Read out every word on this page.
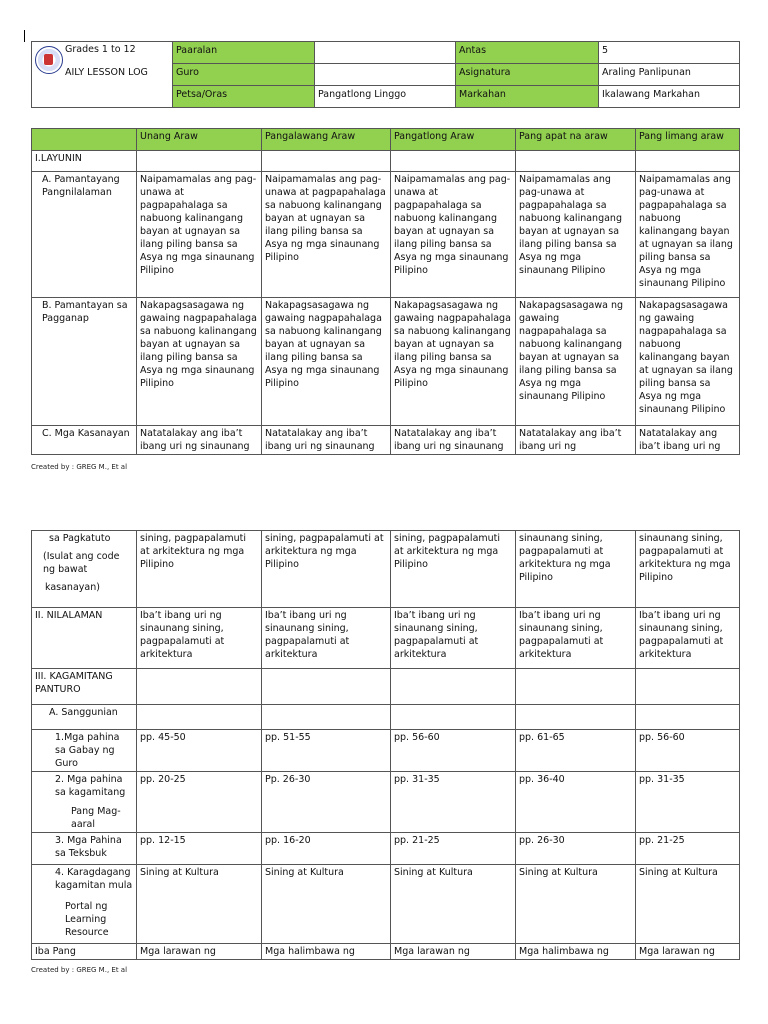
Grades 1 to 12
AILY LESSON LOG	Paaralan		Antas	5
	Guro		Asignatura	Araling Panlipunan
	Petsa/Oras	Pangatlong Linggo	Markahan	Ikalawang Markahan
	Unang Araw	Pangalawang Araw	Pangatlong Araw	Pang apat na araw	Pang limang araw
I.LAYUNIN					
A. Pamantayang Pangnilalaman	Naipamamalas ang pag-unawa at pagpapahalaga sa nabuong kalinangang bayan at ugnayan sa ilang piling bansa sa Asya ng mga sinaunang Pilipino	Naipamamalas ang pag-unawa at pagpapahalaga sa nabuong kalinangang bayan at ugnayan sa ilang piling bansa sa Asya ng mga sinaunang Pilipino	Naipamamalas ang pag-unawa at pagpapahalaga sa nabuong kalinangang bayan at ugnayan sa ilang piling bansa sa Asya ng mga sinaunang Pilipino	Naipamamalas ang pag-unawa at pagpapahalaga sa nabuong kalinangang bayan at ugnayan sa ilang piling bansa sa Asya ng mga sinaunang Pilipino	Naipamamalas ang pag-unawa at pagpapahalaga sa nabuong kalinangang bayan at ugnayan sa ilang piling bansa sa Asya ng mga sinaunang Pilipino
B. Pamantayan sa Pagganap	Nakapagsasagawa ng gawaing nagpapahalaga sa nabuong kalinangang bayan at ugnayan sa ilang piling bansa sa Asya ng mga sinaunang Pilipino	Nakapagsasagawa ng gawaing nagpapahalaga sa nabuong kalinangang bayan at ugnayan sa ilang piling bansa sa Asya ng mga sinaunang Pilipino	Nakapagsasagawa ng gawaing nagpapahalaga sa nabuong kalinangang bayan at ugnayan sa ilang piling bansa sa Asya ng mga sinaunang Pilipino	Nakapagsasagawa ng gawaing nagpapahalaga sa nabuong kalinangang bayan at ugnayan sa ilang piling bansa sa Asya ng mga sinaunang Pilipino	Nakapagsasagawa ng gawaing nagpapahalaga sa nabuong kalinangang bayan at ugnayan sa ilang piling bansa sa Asya ng mga sinaunang Pilipino
C. Mga Kasanayan	Natatalakay ang iba’t ibang uri ng sinaunang	Natatalakay ang iba’t ibang uri ng sinaunang	Natatalakay ang iba’t ibang uri ng sinaunang	Natatalakay ang iba’t ibang uri ng	Natatalakay ang iba’t ibang uri ng
Created by : GREG M., Et al
sa Pagkatuto
(Isulat ang code ng bawat
kasanayan)	sining, pagpapalamuti at arkitektura ng mga Pilipino	sining, pagpapalamuti at arkitektura ng mga Pilipino	sining, pagpapalamuti at arkitektura ng mga Pilipino	sinaunang sining, pagpapalamuti at arkitektura ng mga Pilipino	sinaunang sining, pagpapalamuti at arkitektura ng mga Pilipino

II. NILALAMAN	Iba’t ibang uri ng sinaunang sining, pagpapalamuti at arkitektura	Iba’t ibang uri ng sinaunang sining, pagpapalamuti at arkitektura	Iba’t ibang uri ng sinaunang sining, pagpapalamuti at arkitektura	Iba’t ibang uri ng sinaunang sining, pagpapalamuti at arkitektura	Iba’t ibang uri ng sinaunang sining, pagpapalamuti at arkitektura

III. KAGAMITANG PANTURO					

A. Sanggunian					

1.Mga pahina sa Gabay ng Guro	pp. 45-50	pp. 51-55	pp. 56-60	pp. 61-65	pp. 56-60

2. Mga pahina sa kagamitang
Pang Mag-aaral	pp. 20-25	Pp. 26-30	pp. 31-35	pp. 36-40	pp. 31-35

3. Mga Pahina sa Teksbuk	pp. 12-15	pp. 16-20	pp. 21-25	pp. 26-30	pp. 21-25

4. Karagdagang kagamitan mula
Portal ng Learning Resource	Sining at Kultura	Sining at Kultura	Sining at Kultura	Sining at Kultura	Sining at Kultura

Iba Pang	Mga larawan ng	Mga halimbawa ng	Mga larawan ng	Mga halimbawa ng	Mga larawan ng
Created by : GREG M., Et al
